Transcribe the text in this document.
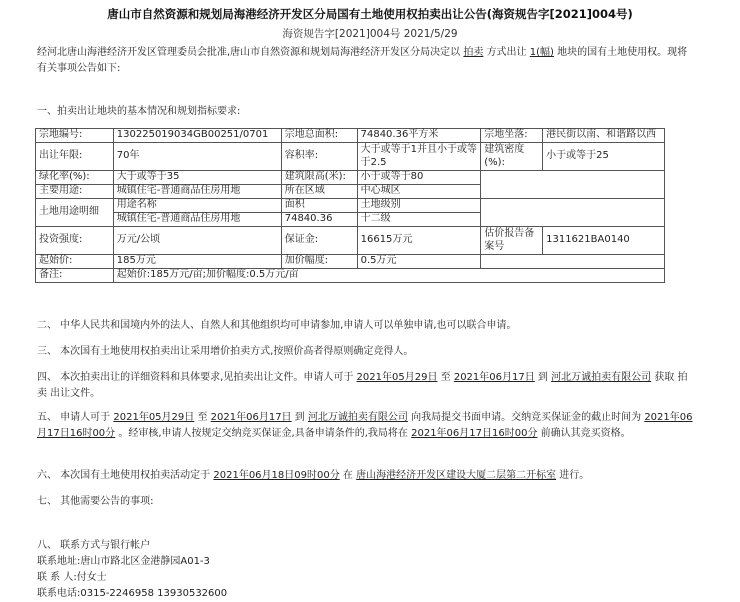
唐山市自然资源和规划局海港经济开发区分局国有土地使用权拍卖出让公告(海资规告字[2021]004号)
海资规告字[2021]004号 2021/5/29
经河北唐山海港经济开发区管理委员会批准,唐山市自然资源和规划局海港经济开发区分局决定以 拍卖 方式出让 1(幅) 地块的国有土地使用权。现将有关事项公告如下:
一、拍卖出让地块的基本情况和规划指标要求:
宗地编号:	130225019034GB00251/0701	宗地总面积:	74840.36平方米	宗地坐落:	港民街以南、和谐路以西
出让年限:	70年	容积率:	大于或等于1并且小于或等于2.5	建筑密度(%):	小于或等于25
绿化率(%):	大于或等于35	建筑限高(米):	小于或等于80		
主要用途:	城镇住宅-普通商品住房用地	所在区域	中心城区		
土地用途明细	用途名称	面积	土地级别		
	城镇住宅-普通商品住房用地	74840.36	十二级		
投资强度:	万元/公顷	保证金:	16615万元	估价报告备案号	1311621BA0140
起始价:	185万元	加价幅度:	0.5万元		
备注:	起始价:185万元/亩;加价幅度:0.5万元/亩				
二、 中华人民共和国境内外的法人、自然人和其他组织均可申请参加,申请人可以单独申请,也可以联合申请。
三、 本次国有土地使用权拍卖出让采用增价拍卖方式,按照价高者得原则确定竞得人。
四、 本次拍卖出让的详细资料和具体要求,见拍卖出让文件。申请人可于 2021年05月29日 至 2021年06月17日 到 河北万诚拍卖有限公司 获取 拍卖 出让文件。
五、 申请人可于 2021年05月29日 至 2021年06月17日 到 河北万诚拍卖有限公司 向我局提交书面申请。交纳竞买保证金的截止时间为 2021年06月17日16时00分 。经审核,申请人按规定交纳竞买保证金,具备申请条件的,我局将在 2021年06月17日16时00分 前确认其竞买资格。
六、 本次国有土地使用权拍卖活动定于 2021年06月18日09时00分 在 唐山海港经济开发区建设大厦二层第二开标室 进行。
七、 其他需要公告的事项:
八、 联系方式与银行帐户
联系地址:唐山市路北区金港静园A01-3
联 系 人:付女士
联系电话:0315-2246958 13930532600
